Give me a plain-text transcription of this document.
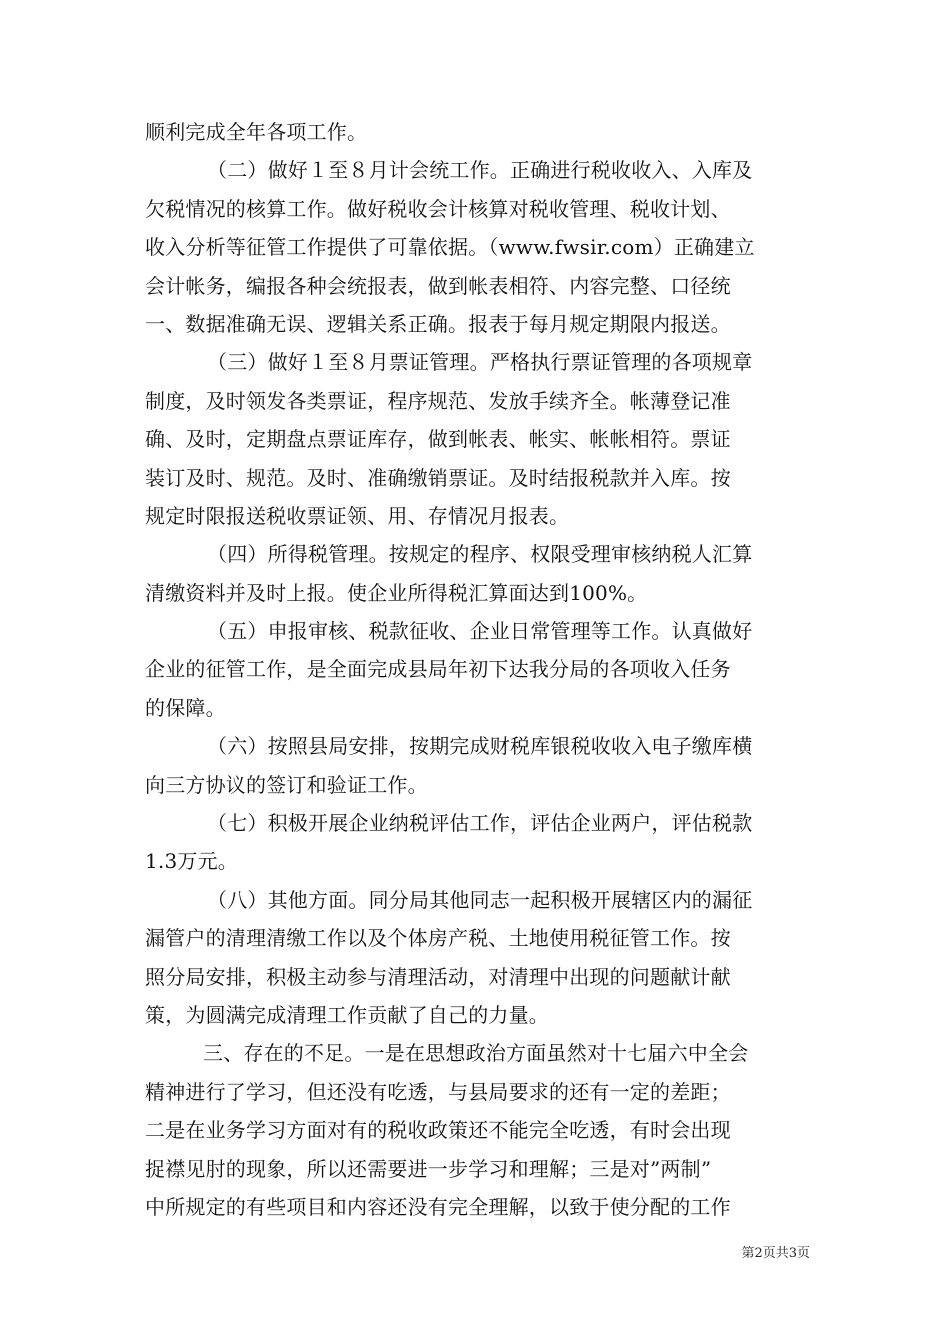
顺利完成全年各项工作。
（二）做好１至８月计会统工作。正确进行税收收入、入库及
欠税情况的核算工作。做好税收会计核算对税收管理、税收计划、
收入分析等征管工作提供了可靠依据。（www.fwsir.com）正确建立
会计帐务，编报各种会统报表，做到帐表相符、内容完整、口径统
一、数据准确无误、逻辑关系正确。报表于每月规定期限内报送。
（三）做好１至８月票证管理。严格执行票证管理的各项规章
制度，及时领发各类票证，程序规范、发放手续齐全。帐薄登记准
确、及时，定期盘点票证库存，做到帐表、帐实、帐帐相符。票证
装订及时、规范。及时、准确缴销票证。及时结报税款并入库。按
规定时限报送税收票证领、用、存情况月报表。
（四）所得税管理。按规定的程序、权限受理审核纳税人汇算
清缴资料并及时上报。使企业所得税汇算面达到100%。
（五）申报审核、税款征收、企业日常管理等工作。认真做好
企业的征管工作，是全面完成县局年初下达我分局的各项收入任务
的保障。
（六）按照县局安排，按期完成财税库银税收收入电子缴库横
向三方协议的签订和验证工作。
（七）积极开展企业纳税评估工作，评估企业两户，评估税款
1.3万元。
（八）其他方面。同分局其他同志一起积极开展辖区内的漏征
漏管户的清理清缴工作以及个体房产税、土地使用税征管工作。按
照分局安排，积极主动参与清理活动，对清理中出现的问题献计献
策，为圆满完成清理工作贡献了自己的力量。
三、存在的不足。一是在思想政治方面虽然对十七届六中全会
精神进行了学习，但还没有吃透，与县局要求的还有一定的差距；
二是在业务学习方面对有的税收政策还不能完全吃透，有时会出现
捉襟见肘的现象，所以还需要进一步学习和理解；三是对”两制”
中所规定的有些项目和内容还没有完全理解，以致于使分配的工作
第2页共3页
